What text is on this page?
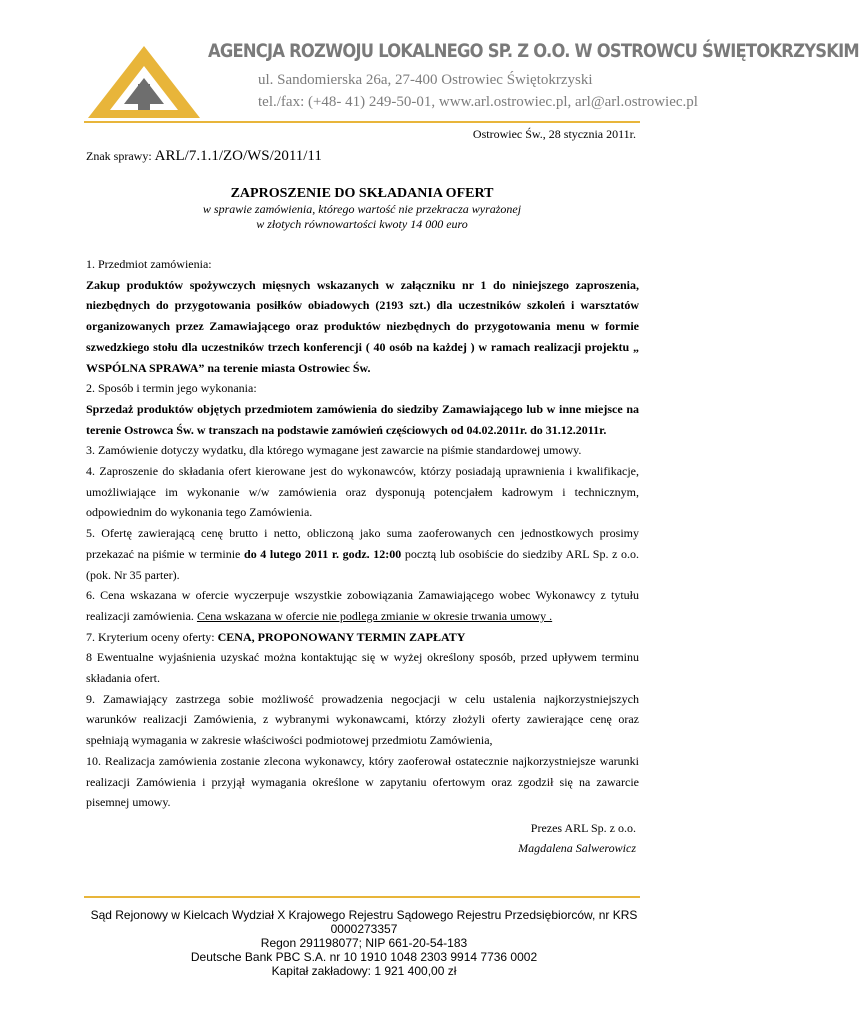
AGENCJA ROZWOJU LOKALNEGO SP. Z O.O. W OSTROWCU ŚWIĘTOKRZYSKIM
ul. Sandomierska 26a, 27-400 Ostrowiec Świętokrzyski
tel./fax: (+48- 41) 249-50-01, www.arl.ostrowiec.pl, arl@arl.ostrowiec.pl
Ostrowiec Św., 28 stycznia 2011r.
Znak sprawy: ARL/7.1.1/ZO/WS/2011/11
ZAPROSZENIE DO SKŁADANIA OFERT
w sprawie zamówienia, którego wartość nie przekracza wyrażonej
w złotych równowartości kwoty 14 000 euro

1. Przedmiot zamówienia:

Zakup produktów spożywczych mięsnych wskazanych w załączniku nr 1 do niniejszego zaproszenia, niezbędnych do przygotowania posiłków obiadowych (2193 szt.) dla uczestników szkoleń i warsztatów organizowanych przez Zamawiającego oraz produktów niezbędnych do przygotowania menu w formie szwedzkiego stołu dla uczestników trzech konferencji ( 40 osób na każdej ) w ramach realizacji projektu „ WSPÓLNA SPRAWA” na terenie miasta Ostrowiec Św.

2. Sposób i termin jego wykonania:

Sprzedaż produktów objętych przedmiotem zamówienia do siedziby Zamawiającego lub w inne miejsce na terenie Ostrowca Św. w transzach na podstawie zamówień częściowych od 04.02.2011r. do 31.12.2011r.

3. Zamówienie dotyczy wydatku, dla którego wymagane jest zawarcie na piśmie standardowej umowy.

4. Zaproszenie do składania ofert kierowane jest do wykonawców, którzy posiadają uprawnienia i kwalifikacje, umożliwiające im wykonanie w/w zamówienia oraz dysponują potencjałem kadrowym i technicznym, odpowiednim do wykonania tego Zamówienia.

5. Ofertę zawierającą cenę brutto i netto, obliczoną jako suma zaoferowanych cen jednostkowych prosimy przekazać na piśmie w terminie do 4 lutego 2011 r. godz. 12:00 pocztą lub osobiście do siedziby ARL Sp. z o.o. (pok. Nr 35 parter).

6. Cena wskazana w ofercie wyczerpuje wszystkie zobowiązania Zamawiającego wobec Wykonawcy z tytułu realizacji zamówienia. Cena wskazana w ofercie nie podlega zmianie w okresie trwania umowy .

7. Kryterium oceny oferty: CENA, PROPONOWANY TERMIN ZAPŁATY

8 Ewentualne wyjaśnienia uzyskać można kontaktując się w wyżej określony sposób, przed upływem terminu składania ofert.

9. Zamawiający zastrzega sobie możliwość prowadzenia negocjacji w celu ustalenia najkorzystniejszych warunków realizacji Zamówienia, z wybranymi wykonawcami, którzy złożyli oferty zawierające cenę oraz spełniają wymagania w zakresie właściwości podmiotowej przedmiotu Zamówienia,

10. Realizacja zamówienia zostanie zlecona wykonawcy, który zaoferował ostatecznie najkorzystniejsze warunki realizacji Zamówienia i przyjął wymagania określone w zapytaniu ofertowym oraz zgodził się na zawarcie pisemnej umowy.

Prezes ARL Sp. z o.o.
Magdalena Salwerowicz
Sąd Rejonowy w Kielcach Wydział X Krajowego Rejestru Sądowego Rejestru Przedsiębiorców, nr KRS 0000273357
Regon 291198077; NIP 661-20-54-183
Deutsche Bank PBC S.A. nr 10 1910 1048 2303 9914 7736 0002
Kapitał zakładowy: 1 921 400,00 zł
